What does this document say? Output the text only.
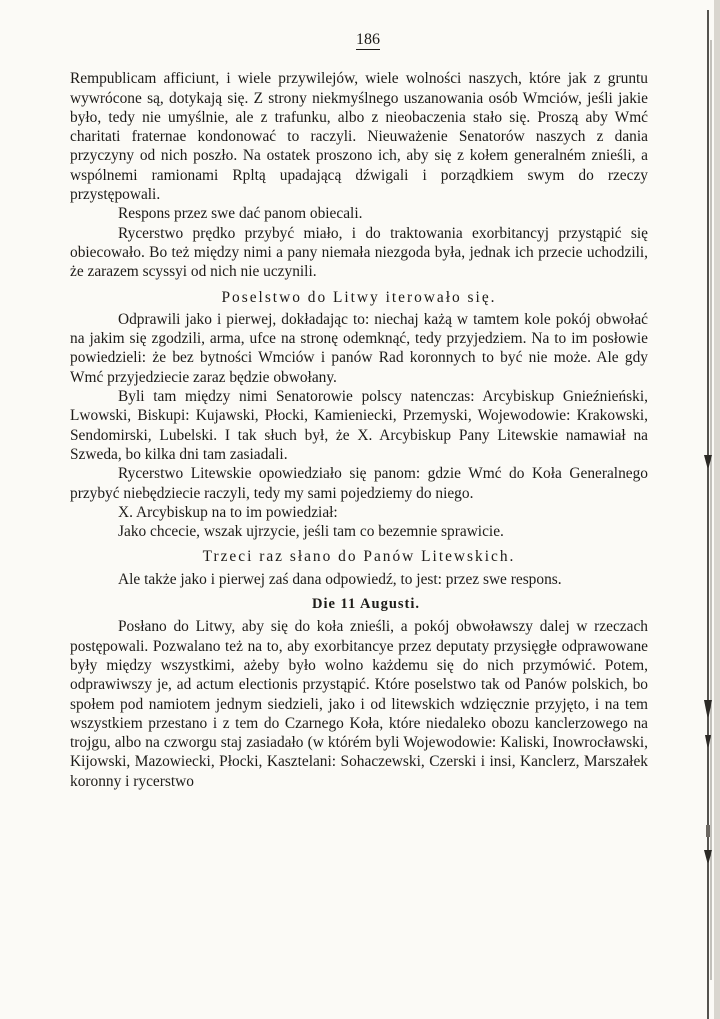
186

Rempublicam afficiunt, i wiele przywilejów, wiele wolności naszych, które jak z gruntu wywrócone są, dotykają się. Z strony niekmyślnego uszanowania osób Wmciów, jeśli jakie było, tedy nie umyślnie, ale z trafunku, albo z nieobaczenia stało się. Proszą aby Wmć charitati fraternae kondonować to raczyli. Nieuważenie Senatorów naszych z dania przyczyny od nich poszło. Na ostatek proszono ich, aby się z kołem generalném znieśli, a wspólnemi ramionami Rpltą upadającą dźwigali i porządkiem swym do rzeczy przystępowali.

Respons przez swe dać panom obiecali.

Rycerstwo prędko przybyć miało, i do traktowania exorbitancyj przystąpić się obiecowało. Bo też między nimi a pany niemała niezgoda była, jednak ich przecie uchodzili, że zarazem scyssyi od nich nie uczynili.

Poselstwo do Litwy iterowało się.

Odprawili jako i pierwej, dokładając to: niechaj każą w tamtem kole pokój obwołać na jakim się zgodzili, arma, ufce na stronę odemknąć, tedy przyjedziem. Na to im posłowie powiedzieli: że bez bytności Wmciów i panów Rad koronnych to być nie może. Ale gdy Wmć przyjedziecie zaraz będzie obwołany.

Byli tam między nimi Senatorowie polscy natenczas: Arcybiskup Gnieźnieński, Lwowski, Biskupi: Kujawski, Płocki, Kamieniecki, Przemyski, Wojewodowie: Krakowski, Sendomirski, Lubelski. I tak słuch był, że X. Arcybiskup Pany Litewskie namawiał na Szweda, bo kilka dni tam zasiadali.

Rycerstwo Litewskie opowiedziało się panom: gdzie Wmć do Koła Generalnego przybyć niebędziecie raczyli, tedy my sami pojedziemy do niego.

X. Arcybiskup na to im powiedział:

Jako chcecie, wszak ujrzycie, jeśli tam co bezemnie sprawicie.

Trzeci raz słano do Panów Litewskich.

Ale także jako i pierwej zaś dana odpowiedź, to jest: przez swe respons.

Die 11 Augusti.

Posłano do Litwy, aby się do koła znieśli, a pokój obwoławszy dalej w rzeczach postępowali. Pozwalano też na to, aby exorbitancye przez deputaty przysięgłe odprawowane były między wszystkimi, ażeby było wolno każdemu się do nich przymówić. Potem, odprawiwszy je, ad actum electionis przystąpić. Które poselstwo tak od Panów polskich, bo społem pod namiotem jednym siedzieli, jako i od litewskich wdzięcznie przyjęto, i na tem wszystkiem przestano i z tem do Czarnego Koła, które niedaleko obozu kanclerzowego na trojgu, albo na czworgu staj zasiadało (w którém byli Wojewodowie: Kaliski, Inowrocławski, Kijowski, Mazowiecki, Płocki, Kasztelani: Sohaczewski, Czerski i insi, Kanclerz, Marszałek koronny i rycerstwo
